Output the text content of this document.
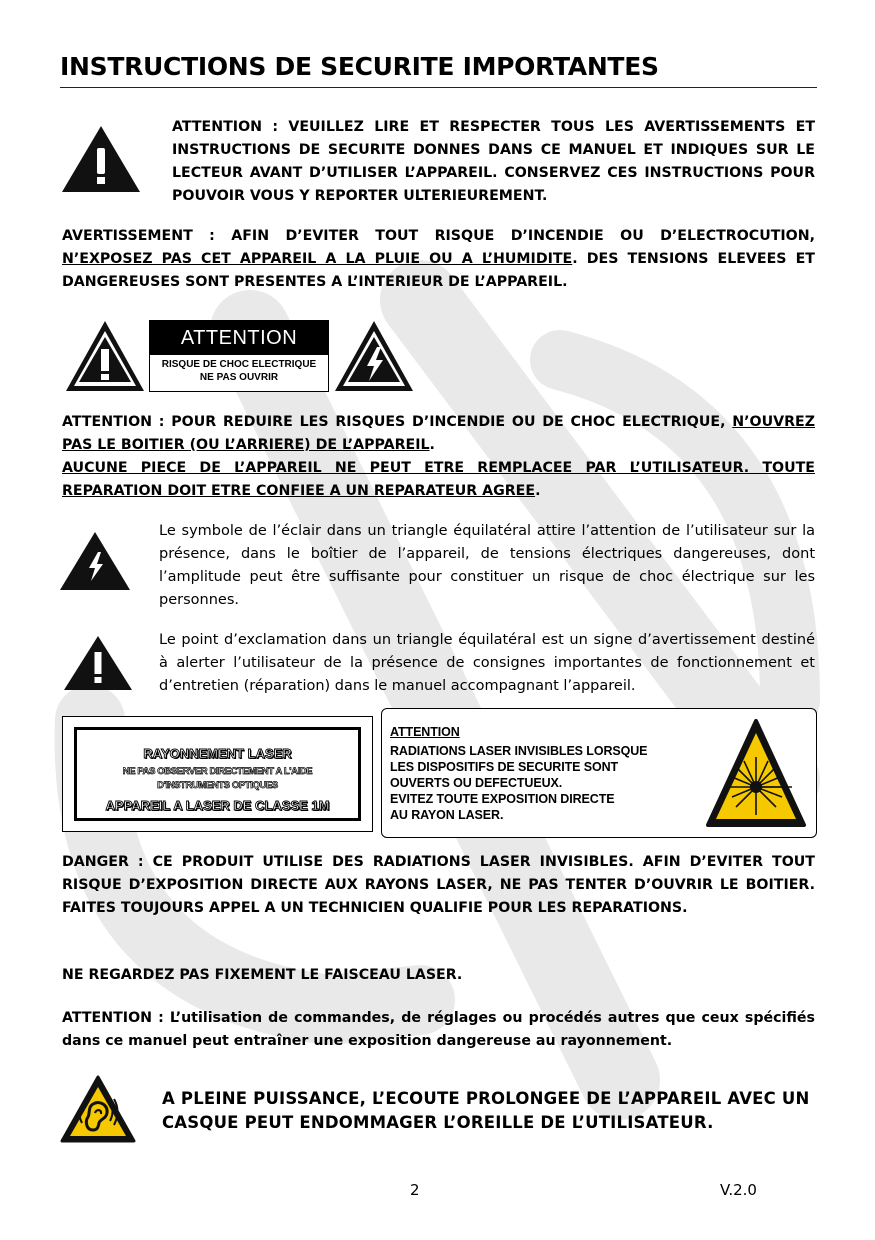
INSTRUCTIONS DE SECURITE IMPORTANTES
ATTENTION : VEUILLEZ LIRE ET RESPECTER TOUS LES AVERTISSEMENTS ET INSTRUCTIONS DE SECURITE DONNES DANS CE MANUEL ET INDIQUES SUR LE LECTEUR AVANT D’UTILISER L’APPAREIL. CONSERVEZ CES INSTRUCTIONS POUR POUVOIR VOUS Y REPORTER ULTERIEUREMENT.
AVERTISSEMENT : AFIN D’EVITER TOUT RISQUE D’INCENDIE OU D’ELECTROCUTION, N’EXPOSEZ PAS CET APPAREIL A LA PLUIE OU A L’HUMIDITE. DES TENSIONS ELEVEES ET DANGEREUSES SONT PRESENTES A L’INTERIEUR DE L’APPAREIL.
ATTENTION
RISQUE DE CHOC ELECTRIQUE
NE PAS OUVRIR
ATTENTION : POUR REDUIRE LES RISQUES D’INCENDIE OU DE CHOC ELECTRIQUE, N’OUVREZ PAS LE BOITIER (OU L’ARRIERE) DE L’APPAREIL.
AUCUNE PIECE DE L’APPAREIL NE PEUT ETRE REMPLACEE PAR L’UTILISATEUR. TOUTE REPARATION DOIT ETRE CONFIEE A UN REPARATEUR AGREE.
Le symbole de l’éclair dans un triangle équilatéral attire l’attention de l’utilisateur sur la présence, dans le boîtier de l’appareil, de tensions électriques dangereuses, dont l’amplitude peut être suffisante pour constituer un risque de choc électrique sur les personnes.
Le point d’exclamation dans un triangle équilatéral est un signe d’avertissement destiné à alerter l’utilisateur de la présence de consignes importantes de fonctionnement et d’entretien (réparation) dans le manuel accompagnant l’appareil.
RAYONNEMENT LASER
NE PAS OBSERVER DIRECTEMENT A L'AIDE
D'INSTRUMENTS OPTIQUES
APPAREIL A LASER DE CLASSE 1M
ATTENTION
RADIATIONS LASER INVISIBLES LORSQUE
LES DISPOSITIFS DE SECURITE SONT
OUVERTS OU DEFECTUEUX.
EVITEZ TOUTE EXPOSITION DIRECTE
AU RAYON LASER.
DANGER : CE PRODUIT UTILISE DES RADIATIONS LASER INVISIBLES. AFIN D’EVITER TOUT RISQUE D’EXPOSITION DIRECTE AUX RAYONS LASER, NE PAS TENTER D’OUVRIR LE BOITIER. FAITES TOUJOURS APPEL A UN TECHNICIEN QUALIFIE POUR LES REPARATIONS.
NE REGARDEZ PAS FIXEMENT LE FAISCEAU LASER.
ATTENTION : L’utilisation de commandes, de réglages ou procédés autres que ceux spécifiés dans ce manuel peut entraîner une exposition dangereuse au rayonnement.
A PLEINE PUISSANCE, L’ECOUTE PROLONGEE DE L’APPAREIL AVEC UN CASQUE PEUT ENDOMMAGER L’OREILLE DE L’UTILISATEUR.
2	V.2.0
